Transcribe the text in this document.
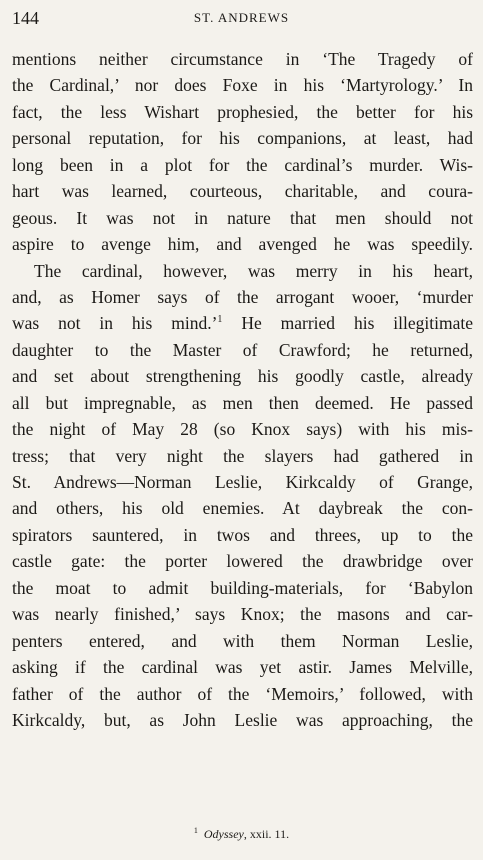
144	ST. ANDREWS
mentions neither circumstance in ‘The Tragedy of
the Cardinal,’ nor does Foxe in his ‘Martyrology.’ In
fact, the less Wishart prophesied, the better for his
personal reputation, for his companions, at least, had
long been in a plot for the cardinal’s murder. Wis-
hart was learned, courteous, charitable, and coura-
geous. It was not in nature that men should not
aspire to avenge him, and avenged he was speedily.
The cardinal, however, was merry in his heart,
and, as Homer says of the arrogant wooer, ‘murder
was not in his mind.’$^1$ He married his illegitimate
daughter to the Master of Crawford; he returned,
and set about strengthening his goodly castle, already
all but impregnable, as men then deemed. He passed
the night of May 28 (so Knox says) with his mis-
tress; that very night the slayers had gathered in
St. Andrews—Norman Leslie, Kirkcaldy of Grange,
and others, his old enemies. At daybreak the con-
spirators sauntered, in twos and threes, up to the
castle gate: the porter lowered the drawbridge over
the moat to admit building-materials, for ‘Babylon
was nearly finished,’ says Knox; the masons and car-
penters entered, and with them Norman Leslie,
asking if the cardinal was yet astir. James Melville,
father of the author of the ‘Memoirs,’ followed, with
Kirkcaldy, but, as John Leslie was approaching, the
$^1$ Odyssey, xxii. 11.
